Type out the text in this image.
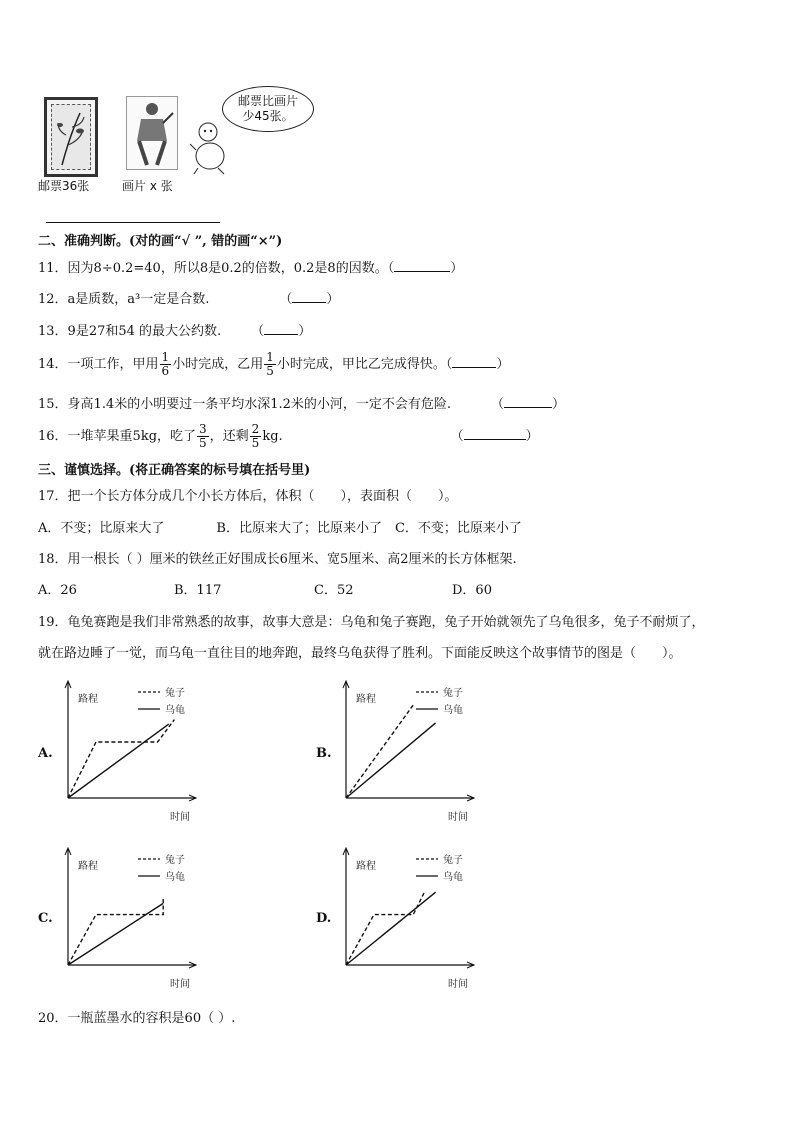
邮票36张	画片 x 张
邮票比画片
少45张。
二、准确判断。(对的画“√ ”, 错的画“×”)
11．因为8÷0.2=40，所以8是0.2的倍数，0.2是8的因数。（	）
12．a是质数，a³一定是合数.	（	）
13．9是27和54 的最大公约数. （	）
14．一项工作，甲用 $\frac{1}{6}$ 小时完成，乙用 $\frac{1}{5}$ 小时完成，甲比乙完成得快。（	）
15．身高1.4米的小明要过一条平均水深1.2米的小河，一定不会有危险.	（	）
16．一堆苹果重5kg，吃了 $\frac{3}{5}$ ，还剩 $\frac{2}{5}$ kg.	（	）
三、谨慎选择。(将正确答案的标号填在括号里)
17．把一个长方体分成几个小长方体后，体积（　　），表面积（　　）。
A．不变；比原来大了　　　　B．比原来大了；比原来小了　C．不变；比原来小了
18．用一根长（ ）厘米的铁丝正好围成长6厘米、宽5厘米、高2厘米的长方体框架.
A．26	B．117	C．52	D．60
19．龟兔赛跑是我们非常熟悉的故事，故事大意是：乌龟和兔子赛跑，兔子开始就领先了乌龟很多，兔子不耐烦了，
就在路边睡了一觉，而乌龟一直往目的地奔跑，最终乌龟获得了胜利。下面能反映这个故事情节的图是（　　）。
A.
路程
时间
兔子
乌龟
B.
路程
时间
兔子
乌龟
C.
路程
时间
兔子
乌龟
D.
路程
时间
兔子
乌龟
20．一瓶蓝墨水的容积是60（ ）.
